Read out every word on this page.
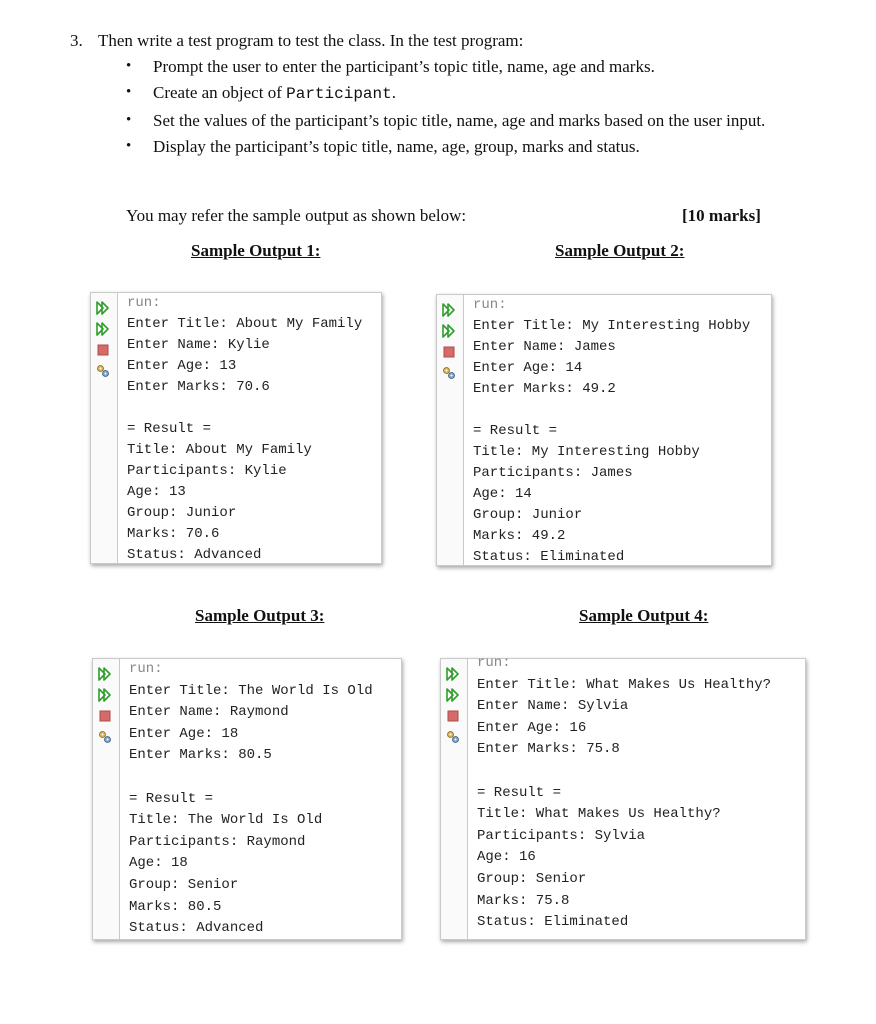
3. Then write a test program to test the class. In the test program:
• Prompt the user to enter the participant’s topic title, name, age and marks.
• Create an object of Participant.
• Set the values of the participant’s topic title, name, age and marks based on the user input.
• Display the participant’s topic title, name, age, group, marks and status.
You may refer the sample output as shown below:	[10 marks]
Sample Output 1:	Sample Output 2:
Sample Output 3:	Sample Output 4:
run:
Enter Title: About My Family
Enter Name: Kylie
Enter Age: 13
Enter Marks: 70.6
= Result =
Title: About My Family
Participants: Kylie
Age: 13
Group: Junior
Marks: 70.6
Status: Advanced
run:
Enter Title: My Interesting Hobby
Enter Name: James
Enter Age: 14
Enter Marks: 49.2
= Result =
Title: My Interesting Hobby
Participants: James
Age: 14
Group: Junior
Marks: 49.2
Status: Eliminated
run:
Enter Title: The World Is Old
Enter Name: Raymond
Enter Age: 18
Enter Marks: 80.5
= Result =
Title: The World Is Old
Participants: Raymond
Age: 18
Group: Senior
Marks: 80.5
Status: Advanced
run:
Enter Title: What Makes Us Healthy?
Enter Name: Sylvia
Enter Age: 16
Enter Marks: 75.8
= Result =
Title: What Makes Us Healthy?
Participants: Sylvia
Age: 16
Group: Senior
Marks: 75.8
Status: Eliminated
